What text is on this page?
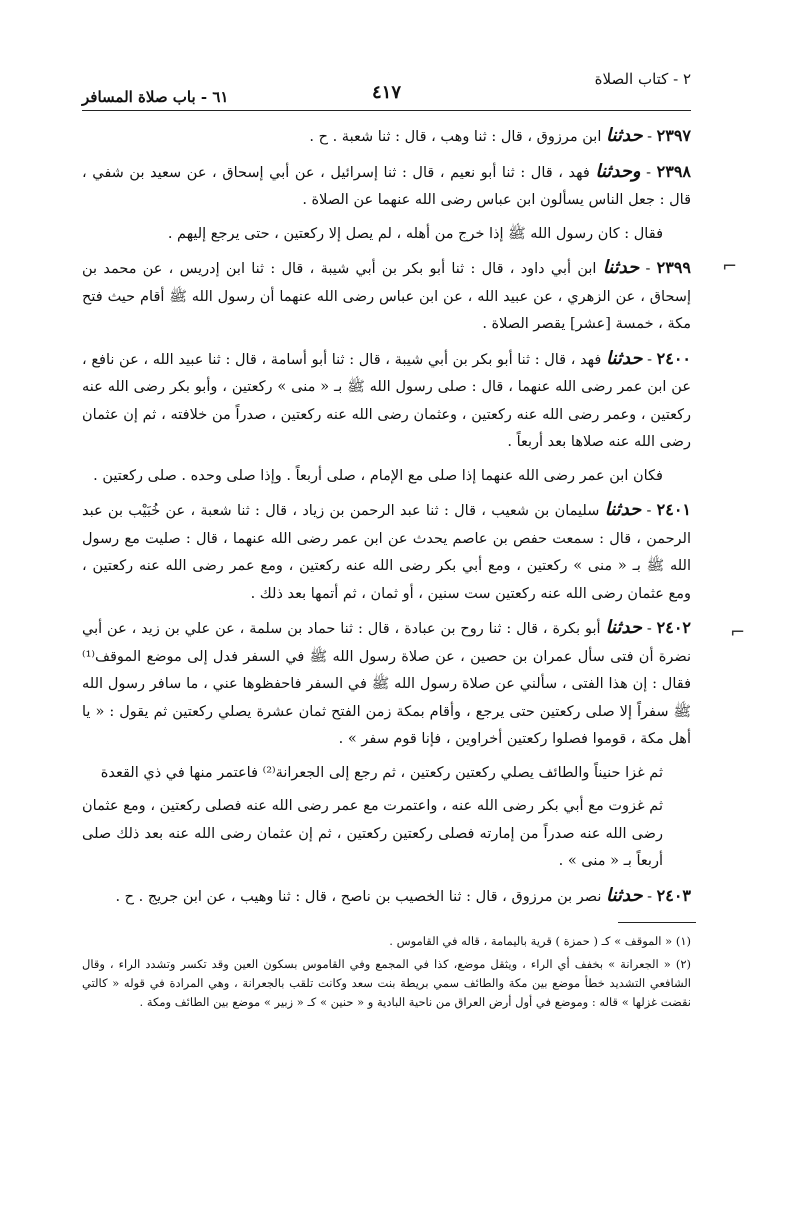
٢ - كتاب الصلاة
٤١٧
٦١ - باب صلاة المسافر

٢٣٩٧ - حدثنا ابن مرزوق ، قال : ثنا وهب ، قال : ثنا شعبة . ح .

٢٣٩٨ - وحدثنا فهد ، قال : ثنا أبو نعيم ، قال : ثنا إسرائيل ، عن أبي إسحاق ، عن سعيد بن شفي ، قال : جعل الناس يسألون ابن عباس رضى الله عنهما عن الصلاة .

فقال : كان رسول الله ﷺ إذا خرج من أهله ، لم يصل إلا ركعتين ، حتى يرجع إليهم .

٢٣٩٩ - حدثنا ابن أبي داود ، قال : ثنا أبو بكر بن أبي شيبة ، قال : ثنا ابن إدريس ، عن محمد بن إسحاق ، عن الزهري ، عن عبيد الله ، عن ابن عباس رضى الله عنهما أن رسول الله ﷺ أقام حيث فتح مكة ، خمسة [عشر] يقصر الصلاة .

٢٤٠٠ - حدثنا فهد ، قال : ثنا أبو بكر بن أبي شيبة ، قال : ثنا أبو أسامة ، قال : ثنا عبيد الله ، عن نافع ، عن ابن عمر رضى الله عنهما ، قال : صلى رسول الله ﷺ بـ « منى » ركعتين ، وأبو بكر رضى الله عنه ركعتين ، وعمر رضى الله عنه ركعتين ، وعثمان رضى الله عنه ركعتين ، صدراً من خلافته ، ثم إن عثمان رضى الله عنه صلاها بعد أربعاً .

فكان ابن عمر رضى الله عنهما إذا صلى مع الإمام ، صلى أربعاً . وإذا صلى وحده . صلى ركعتين .

٢٤٠١ - حدثنا سليمان بن شعيب ، قال : ثنا عبد الرحمن بن زياد ، قال : ثنا شعبة ، عن خُبَيْب بن عبد الرحمن ، قال : سمعت حفص بن عاصم يحدث عن ابن عمر رضى الله عنهما ، قال : صليت مع رسول الله ﷺ بـ « منى » ركعتين ، ومع أبي بكر رضى الله عنه ركعتين ، ومع عمر رضى الله عنه ركعتين ، ومع عثمان رضى الله عنه ركعتين ست سنين ، أو ثمان ، ثم أتمها بعد ذلك .

٢٤٠٢ - حدثنا أبو بكرة ، قال : ثنا روح بن عبادة ، قال : ثنا حماد بن سلمة ، عن علي بن زيد ، عن أبي نضرة أن فتى سأل عمران بن حصين ، عن صلاة رسول الله ﷺ في السفر فدل إلى موضع الموقف⁽¹⁾ فقال : إن هذا الفتى ، سألني عن صلاة رسول الله ﷺ في السفر فاحفظوها عني ، ما سافر رسول الله ﷺ سفراً إلا صلى ركعتين حتى يرجع ، وأقام بمكة زمن الفتح ثمان عشرة يصلي ركعتين ثم يقول : « يا أهل مكة ، قوموا فصلوا ركعتين أخراوين ، فإنا قوم سفر » .

ثم غزا حنيناً والطائف يصلي ركعتين ركعتين ، ثم رجع إلى الجعرانة⁽²⁾ فاعتمر منها في ذي القعدة

ثم غزوت مع أبي بكر رضى الله عنه ، واعتمرت مع عمر رضى الله عنه فصلى ركعتين ، ومع عثمان رضى الله عنه صدراً من إمارته فصلى ركعتين ركعتين ، ثم إن عثمان رضى الله عنه بعد ذلك صلى أربعاً بـ « منى » .

٢٤٠٣ - حدثنا نصر بن مرزوق ، قال : ثنا الخصيب بن ناصح ، قال : ثنا وهيب ، عن ابن جريج . ح .

(١) « الموقف » كـ ( حمزة ) قرية باليمامة ، قاله في القاموس .

(٢) « الجعرانة » بخفف أي الراء ، ويثقل موضع، كذا في المجمع وفي القاموس بسكون العين وقد تكسر وتشدد الراء ، وقال الشافعي التشديد خطأ موضع بين مكة والطائف سمي بريطة بنت سعد وكانت تلقب بالجعرانة ، وهي المرادة في قوله « كالتي نقضت غزلها » قاله : وموضع في أول أرض العراق من ناحية البادية و « حنين » كـ « زبير » موضع بين الطائف ومكة .

⌐
⌐
